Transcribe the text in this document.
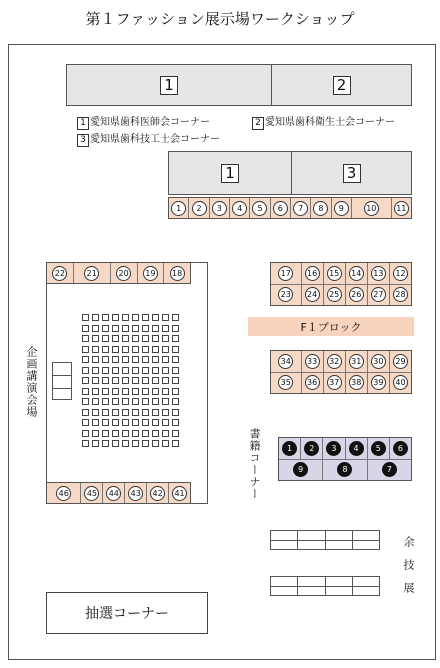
第１ファッション展示場ワークショップ
1	2
1 愛知県歯科医師会コーナー	2 愛知県歯科衛生士会コーナー
3 愛知県歯科技工士会コーナー
1	3
1	2	3	4	5	6	7	8	9	10	11
22	21	20	19	18
46	45	44	43	42	41
企画講演会場
17	16	15	14	13	12
23	24	25	26	27	28
F１ブロック
34	33	32	31	30	29
35	36	37	38	39	40
書籍コーナー	1	2	3	4	5	6
9	8	7
余技展
抽選コーナー
